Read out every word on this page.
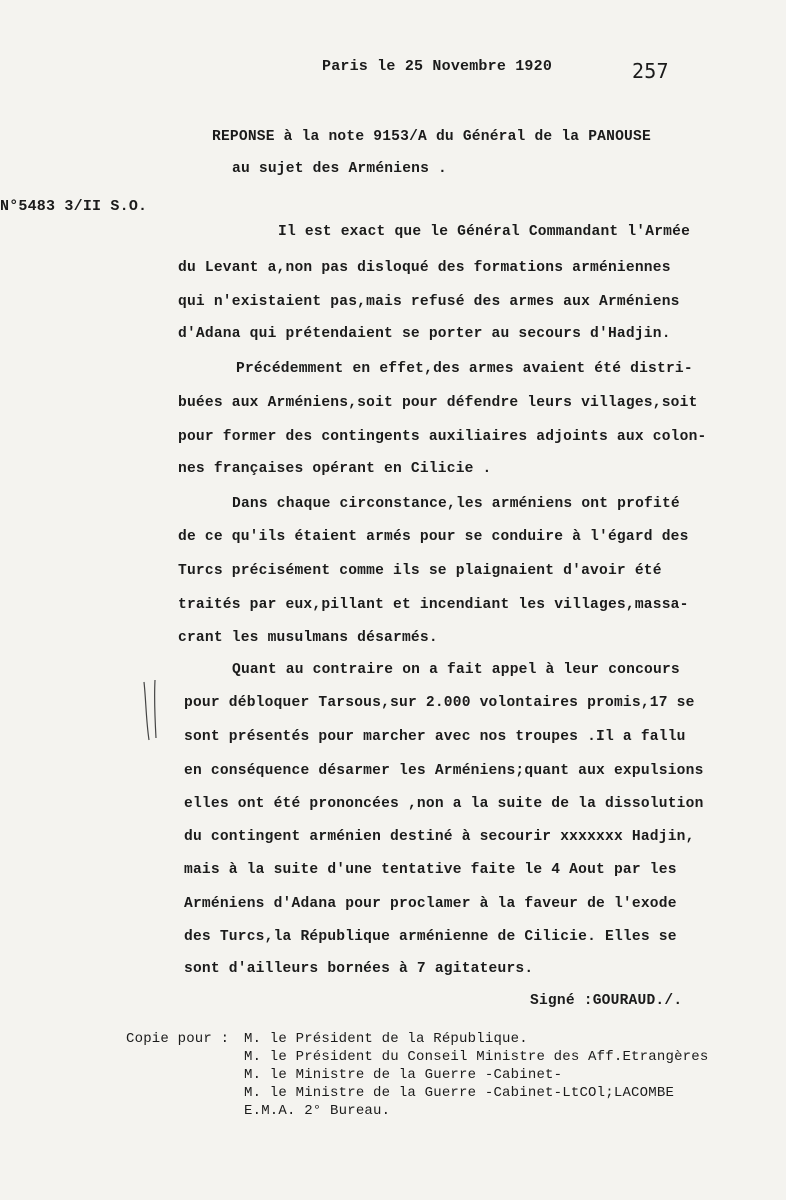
Paris le 25 Novembre 1920	257
REPONSE à la note 9153/A du Général de la PANOUSE
au sujet des Arméniens .
N°5483 3/II S.O.
Il est exact que le Général Commandant l'Armée
du Levant a,non pas disloqué des formations arméniennes
qui n'existaient pas,mais refusé des armes aux Arméniens
d'Adana qui prétendaient se porter au secours d'Hadjin.
Précédemment en effet,des armes avaient été distri-
buées aux Arméniens,soit pour défendre leurs villages,soit
pour former des contingents auxiliaires adjoints aux colon-
nes françaises opérant en Cilicie .
Dans chaque circonstance,les arméniens ont profité
de ce qu'ils étaient armés pour se conduire à l'égard des
Turcs précisément comme ils se plaignaient d'avoir été
traités par eux,pillant et incendiant les villages,massa-
crant les musulmans désarmés.
Quant au contraire on a fait appel à leur concours
pour débloquer Tarsous,sur 2.000 volontaires promis,17 se
sont présentés pour marcher avec nos troupes .Il a fallu
en conséquence désarmer les Arméniens;quant aux expulsions
elles ont été prononcées ,non a la suite de la dissolution
du contingent arménien destiné à secourir xxxxxxx Hadjin,
mais à la suite d'une tentative faite le 4 Aout par les
Arméniens d'Adana pour proclamer à la faveur de l'exode
des Turcs,la République arménienne de Cilicie. Elles se
sont d'ailleurs bornées à 7 agitateurs.
Signé :GOURAUD./.
Copie pour : M. le Président de la République.
M. le Président du Conseil Ministre des Aff.Etrangères
M. le Ministre de la Guerre -Cabinet-
M. le Ministre de la Guerre -Cabinet-LtCOl;LACOMBE
E.M.A. 2° Bureau.
